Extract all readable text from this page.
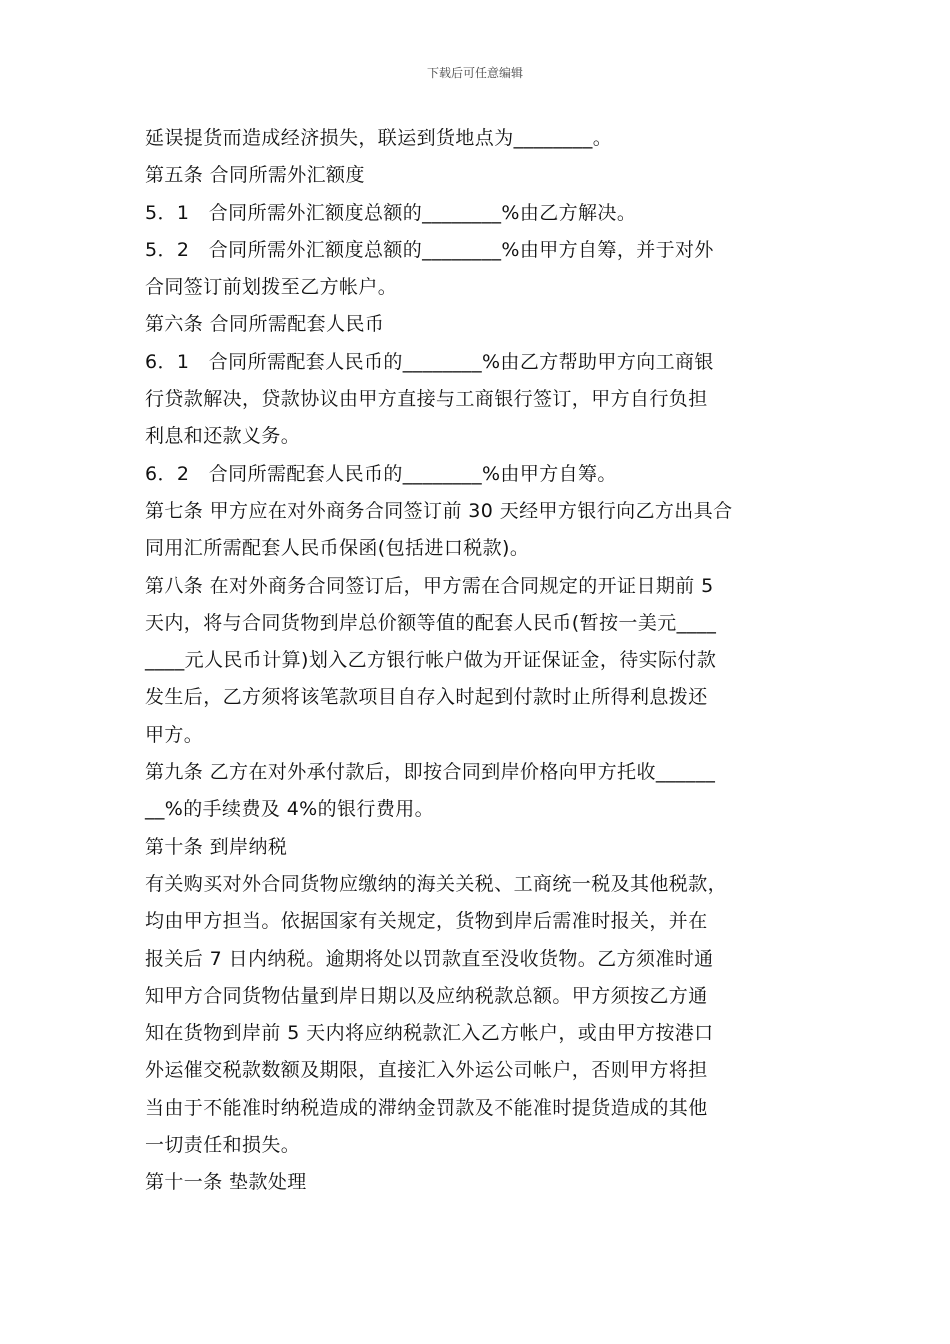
下载后可任意编辑
延误提货而造成经济损失，联运到货地点为________。
第五条 合同所需外汇额度
5．1　合同所需外汇额度总额的________%由乙方解决。
5．2　合同所需外汇额度总额的________%由甲方自筹，并于对外
合同签订前划拨至乙方帐户。
第六条 合同所需配套人民币
6．1　合同所需配套人民币的________%由乙方帮助甲方向工商银
行贷款解决，贷款协议由甲方直接与工商银行签订，甲方自行负担
利息和还款义务。
6．2　合同所需配套人民币的________%由甲方自筹。
第七条 甲方应在对外商务合同签订前 30 天经甲方银行向乙方出具合
同用汇所需配套人民币保函(包括进口税款)。
第八条 在对外商务合同签订后，甲方需在合同规定的开证日期前 5
天内，将与合同货物到岸总价额等值的配套人民币(暂按一美元____
____元人民币计算)划入乙方银行帐户做为开证保证金，待实际付款
发生后，乙方须将该笔款项目自存入时起到付款时止所得利息拨还
甲方。
第九条 乙方在对外承付款后，即按合同到岸价格向甲方托收______
__%的手续费及 4%的银行费用。
第十条 到岸纳税
有关购买对外合同货物应缴纳的海关关税、工商统一税及其他税款，
均由甲方担当。依据国家有关规定，货物到岸后需准时报关，并在
报关后 7 日内纳税。逾期将处以罚款直至没收货物。乙方须准时通
知甲方合同货物估量到岸日期以及应纳税款总额。甲方须按乙方通
知在货物到岸前 5 天内将应纳税款汇入乙方帐户，或由甲方按港口
外运催交税款数额及期限，直接汇入外运公司帐户，否则甲方将担
当由于不能准时纳税造成的滞纳金罚款及不能准时提货造成的其他
一切责任和损失。
第十一条 垫款处理
